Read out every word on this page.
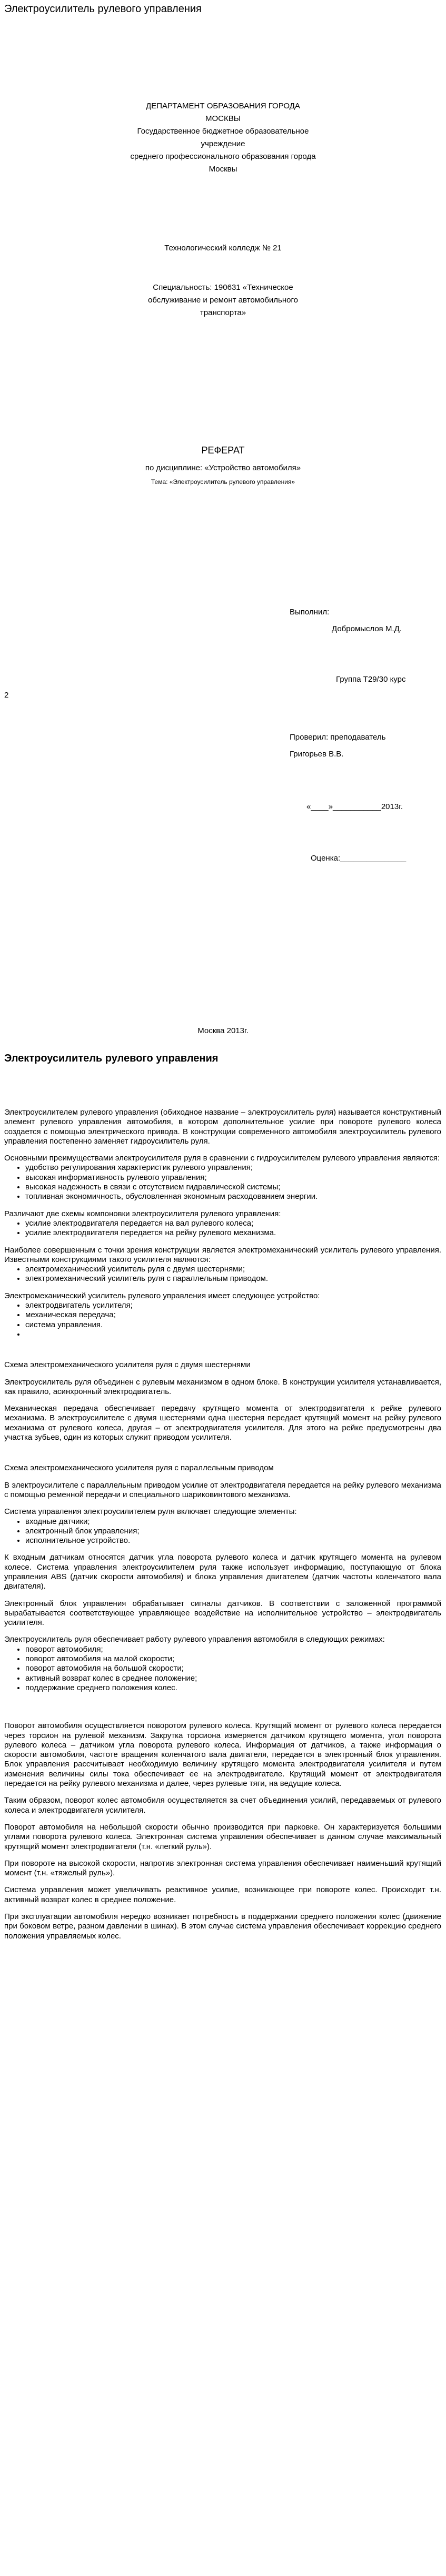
Электроусилитель рулевого управления
ДЕПАРТАМЕНТ ОБРАЗОВАНИЯ ГОРОДА
МОСКВЫ
Государственное бюджетное образовательное
учреждение
среднего профессионального образования города
Москвы
Технологический колледж № 21
Специальность: 190631 «Техническое
обслуживание и ремонт автомобильного
транспорта»
РЕФЕРАТ
по дисциплине: «Устройство автомобиля»
Тема: «Электроусилитель рулевого управления»
Выполнил:
Добромыслов М.Д.
Группа Т29/30 курс
2
Проверил: преподаватель
Григорьев В.В.
«____»___________2013г.
Оценка:_______________
Москва 2013г.
Электроусилитель рулевого управления

Электроусилителем рулевого управления (обиходное название – электроусилитель руля) называется конструктивный элемент рулевого управления автомобиля, в котором дополнительное усилие при повороте рулевого колеса создается с помощью электрического привода. В конструкции современного автомобиля электроусилитель рулевого управления постепенно заменяет гидроусилитель руля.

Основными преимуществами электроусилителя руля в сравнении с гидроусилителем рулевого управления являются:

• удобство регулирования характеристик рулевого управления;
• высокая информативность рулевого управления;
• высокая надежность в связи с отсутствием гидравлической системы;
• топливная экономичность, обусловленная экономным расходованием энергии.

Различают две схемы компоновки электроусилителя рулевого управления:

• усилие электродвигателя передается на вал рулевого колеса;
• усилие электродвигателя передается на рейку рулевого механизма.

Наиболее совершенным с точки зрения конструкции является электромеханический усилитель рулевого управления. Известными конструкциями такого усилителя являются:

• электромеханический усилитель руля с двумя шестернями;
• электромеханический усилитель руля с параллельным приводом.

Электромеханический усилитель рулевого управления имеет следующее устройство:

• электродвигатель усилителя;
• механическая передача;
• система управления.
•

Схема электромеханического усилителя руля с двумя шестернями

Электроусилитель руля объединен с рулевым механизмом в одном блоке. В конструкции усилителя устанавливается, как правило, асинхронный электродвигатель.

Механическая передача обеспечивает передачу крутящего момента от электродвигателя к рейке рулевого механизма. В электроусилителе с двумя шестернями одна шестерня передает крутящий момент на рейку рулевого механизма от рулевого колеса, другая – от электродвигателя усилителя. Для этого на рейке предусмотрены два участка зубьев, один из которых служит приводом усилителя.

Схема электромеханического усилителя руля с параллельным приводом

В электроусилителе с параллельным приводом усилие от электродвигателя передается на рейку рулевого механизма с помощью ременной передачи и специального шариковинтового механизма.

Система управления электроусилителем руля включает следующие элементы:

• входные датчики;
• электронный блок управления;
• исполнительное устройство.

К входным датчикам относятся датчик угла поворота рулевого колеса и датчик крутящего момента на рулевом колесе. Система управления электроусилителем руля также использует информацию, поступающую от блока управления ABS (датчик скорости автомобиля) и блока управления двигателем (датчик частоты коленчатого вала двигателя).

Электронный блок управления обрабатывает сигналы датчиков. В соответствии с заложенной программой вырабатывается соответствующее управляющее воздействие на исполнительное устройство – электродвигатель усилителя.

Электроусилитель руля обеспечивает работу рулевого управления автомобиля в следующих режимах:

• поворот автомобиля;
• поворот автомобиля на малой скорости;
• поворот автомобиля на большой скорости;
• активный возврат колес в среднее положение;
• поддержание среднего положения колес.

Поворот автомобиля осуществляется поворотом рулевого колеса. Крутящий момент от рулевого колеса передается через торсион на рулевой механизм. Закрутка торсиона измеряется датчиком крутящего момента, угол поворота рулевого колеса – датчиком угла поворота рулевого колеса. Информация от датчиков, а также информация о скорости автомобиля, частоте вращения коленчатого вала двигателя, передается в электронный блок управления. Блок управления рассчитывает необходимую величину крутящего момента электродвигателя усилителя и путем изменения величины силы тока обеспечивает ее на электродвигателе. Крутящий момент от электродвигателя передается на рейку рулевого механизма и далее, через рулевые тяги, на ведущие колеса.

Таким образом, поворот колес автомобиля осуществляется за счет объединения усилий, передаваемых от рулевого колеса и электродвигателя усилителя.

Поворот автомобиля на небольшой скорости обычно производится при парковке. Он характеризуется большими углами поворота рулевого колеса. Электронная система управления обеспечивает в данном случае максимальный крутящий момент электродвигателя (т.н. «легкий руль»).

При повороте на высокой скорости, напротив электронная система управления обеспечивает наименьший крутящий момент (т.н. «тяжелый руль»).

Система управления может увеличивать реактивное усилие, возникающее при повороте колес. Происходит т.н. активный возврат колес в среднее положение.

При эксплуатации автомобиля нередко возникает потребность в поддержании среднего положения колес (движение при боковом ветре, разном давлении в шинах). В этом случае система управления обеспечивает коррекцию среднего положения управляемых колес.
